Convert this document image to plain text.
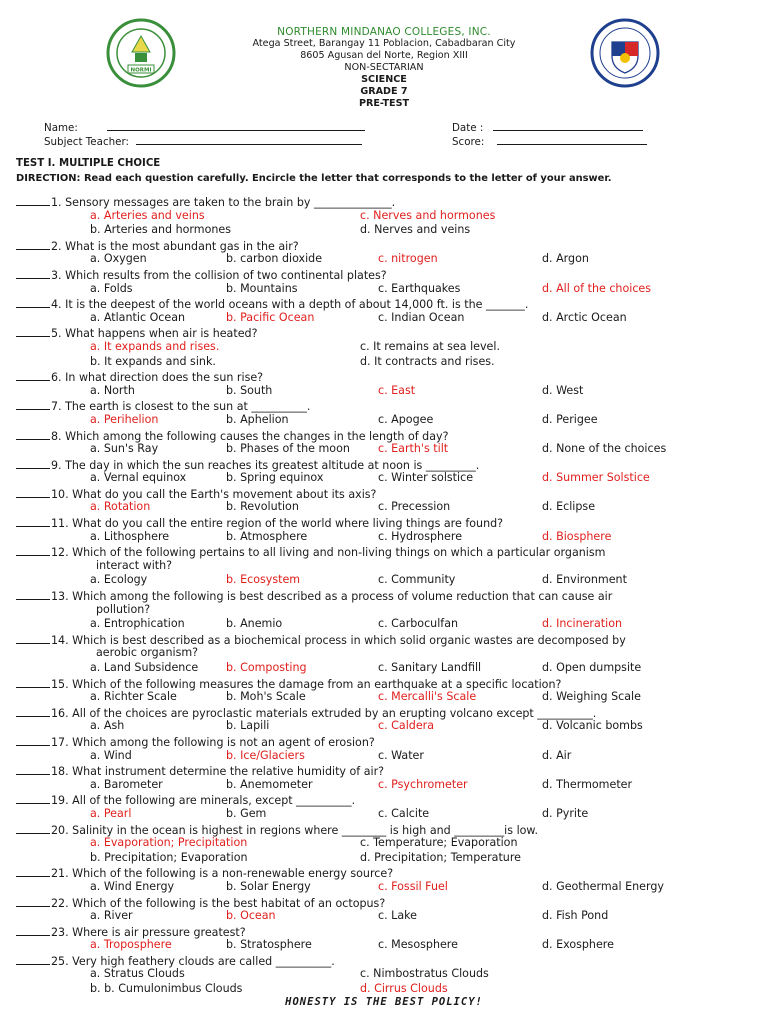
NORMI
NORTHERN MINDANAO COLLEGES, INC.
Atega Street, Barangay 11 Poblacion, Cabadbaran City
8605 Agusan del Norte, Region XIII
NON-SECTARIAN
SCIENCE
GRADE 7
PRE-TEST
Name:
Subject Teacher:
Date :
Score:
TEST I. MULTIPLE CHOICE
DIRECTION: Read each question carefully. Encircle the letter that corresponds to the letter of your answer.
1. Sensory messages are taken to the brain by ______________.
a. Arteries and veins	c. Nerves and hormones
b. Arteries and hormones	d. Nerves and veins
2. What is the most abundant gas in the air?
a. Oxygen	b. carbon dioxide	c. nitrogen	d. Argon
3. Which results from the collision of two continental plates?
a. Folds	b. Mountains	c. Earthquakes	d. All of the choices
4. It is the deepest of the world oceans with a depth of about 14,000 ft. is the _______.
a. Atlantic Ocean	b. Pacific Ocean	c. Indian Ocean	d. Arctic Ocean
5. What happens when air is heated?
a. It expands and rises.	c. It remains at sea level.
b. It expands and sink.	d. It contracts and rises.
6. In what direction does the sun rise?
a. North	b. South	c. East	d. West
7. The earth is closest to the sun at __________.
a. Perihelion	b. Aphelion	c. Apogee	d. Perigee
8. Which among the following causes the changes in the length of day?
a. Sun's Ray	b. Phases of the moon	c. Earth's tilt	d. None of the choices
9. The day in which the sun reaches its greatest altitude at noon is _________.
a. Vernal equinox	b. Spring equinox	c. Winter solstice	d. Summer Solstice
10. What do you call the Earth's movement about its axis?
a. Rotation	b. Revolution	c. Precession	d. Eclipse
11. What do you call the entire region of the world where living things are found?
a. Lithosphere	b. Atmosphere	c. Hydrosphere	d. Biosphere
12. Which of the following pertains to all living and non-living things on which a particular organism
interact with?
a. Ecology	b. Ecosystem	c. Community	d. Environment
13. Which among the following is best described as a process of volume reduction that can cause air
pollution?
a. Entrophication	b. Anemio	c. Carboculfan	d. Incineration
14. Which is best described as a biochemical process in which solid organic wastes are decomposed by
aerobic organism?
a. Land Subsidence	b. Composting	c. Sanitary Landfill	d. Open dumpsite
15. Which of the following measures the damage from an earthquake at a specific location?
a. Richter Scale	b. Moh's Scale	c. Mercalli's Scale	d. Weighing Scale
16. All of the choices are pyroclastic materials extruded by an erupting volcano except __________.
a. Ash	b. Lapili	c. Caldera	d. Volcanic bombs
17. Which among the following is not an agent of erosion?
a. Wind	b. Ice/Glaciers	c. Water	d. Air
18. What instrument determine the relative humidity of air?
a. Barometer	b. Anemometer	c. Psychrometer	d. Thermometer
19. All of the following are minerals, except __________.
a. Pearl	b. Gem	c. Calcite	d. Pyrite
20. Salinity in the ocean is highest in regions where ________ is high and _________is low.
a. Evaporation; Precipitation	c. Temperature; Evaporation
b. Precipitation; Evaporation	d. Precipitation; Temperature
21. Which of the following is a non-renewable energy source?
a. Wind Energy	b. Solar Energy	c. Fossil Fuel	d. Geothermal Energy
22. Which of the following is the best habitat of an octopus?
a. River	b. Ocean	c. Lake	d. Fish Pond
23. Where is air pressure greatest?
a. Troposphere	b. Stratosphere	c. Mesosphere	d. Exosphere
25. Very high feathery clouds are called __________.
a. Stratus Clouds	c. Nimbostratus Clouds
b. b. Cumulonimbus Clouds	d. Cirrus Clouds
HONESTY IS THE BEST POLICY!
